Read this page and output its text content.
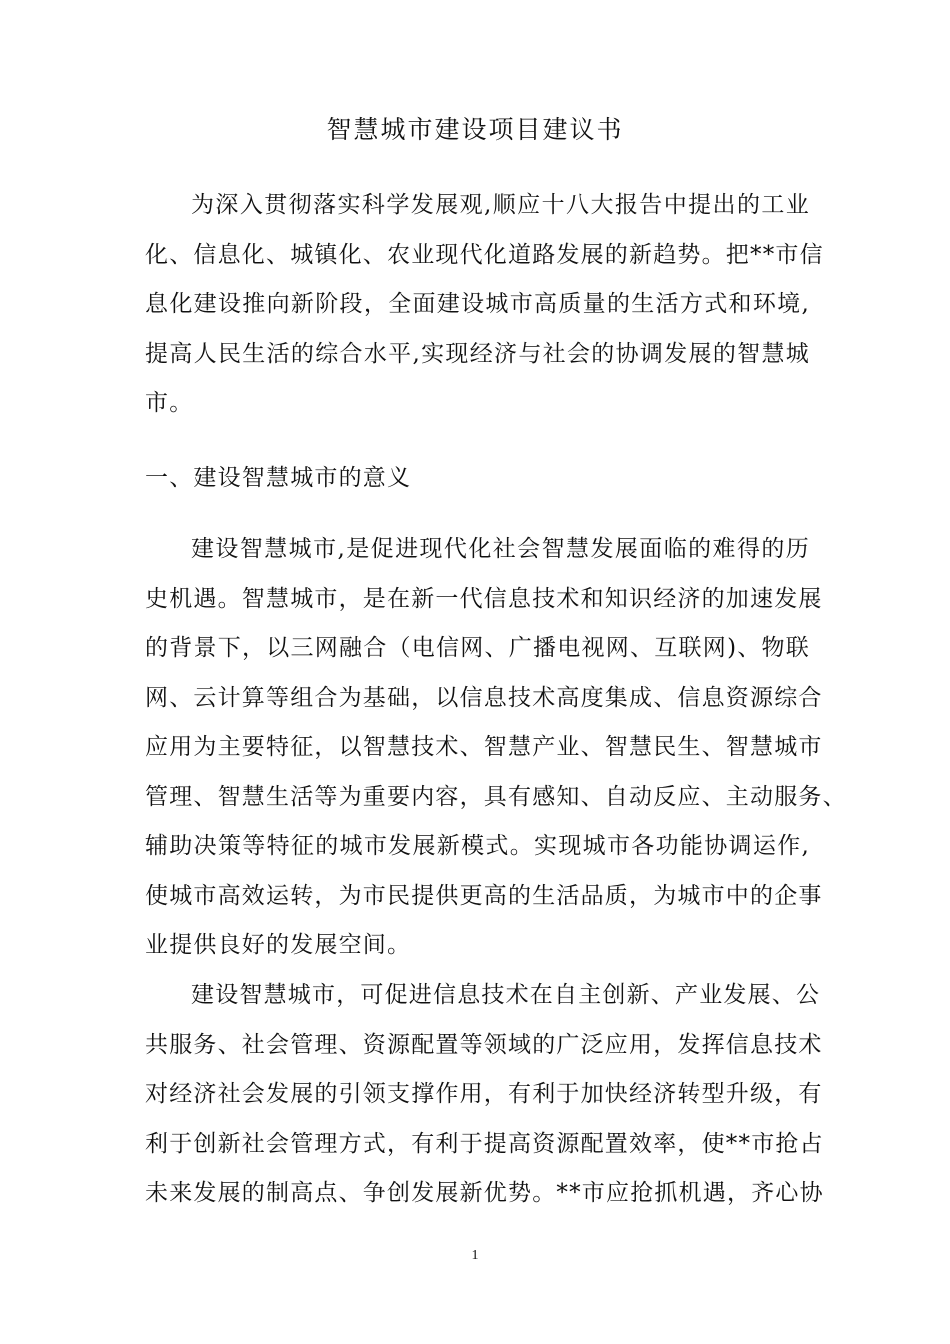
智慧城市建设项目建议书
为深入贯彻落实科学发展观,顺应十八大报告中提出的工业
化、信息化、城镇化、农业现代化道路发展的新趋势。把**市信
息化建设推向新阶段，全面建设城市高质量的生活方式和环境,
提高人民生活的综合水平,实现经济与社会的协调发展的智慧城
市。
一、建设智慧城市的意义
建设智慧城市,是促进现代化社会智慧发展面临的难得的历
史机遇。智慧城市，是在新一代信息技术和知识经济的加速发展
的背景下，以三网融合（电信网、广播电视网、互联网)、物联
网、云计算等组合为基础，以信息技术高度集成、信息资源综合
应用为主要特征，以智慧技术、智慧产业、智慧民生、智慧城市
管理、智慧生活等为重要内容，具有感知、自动反应、主动服务、
辅助决策等特征的城市发展新模式。实现城市各功能协调运作,
使城市高效运转，为市民提供更高的生活品质，为城市中的企事
业提供良好的发展空间。
建设智慧城市，可促进信息技术在自主创新、产业发展、公
共服务、社会管理、资源配置等领域的广泛应用，发挥信息技术
对经济社会发展的引领支撑作用，有利于加快经济转型升级，有
利于创新社会管理方式，有利于提高资源配置效率，使**市抢占
未来发展的制高点、争创发展新优势。**市应抢抓机遇，齐心协
1
